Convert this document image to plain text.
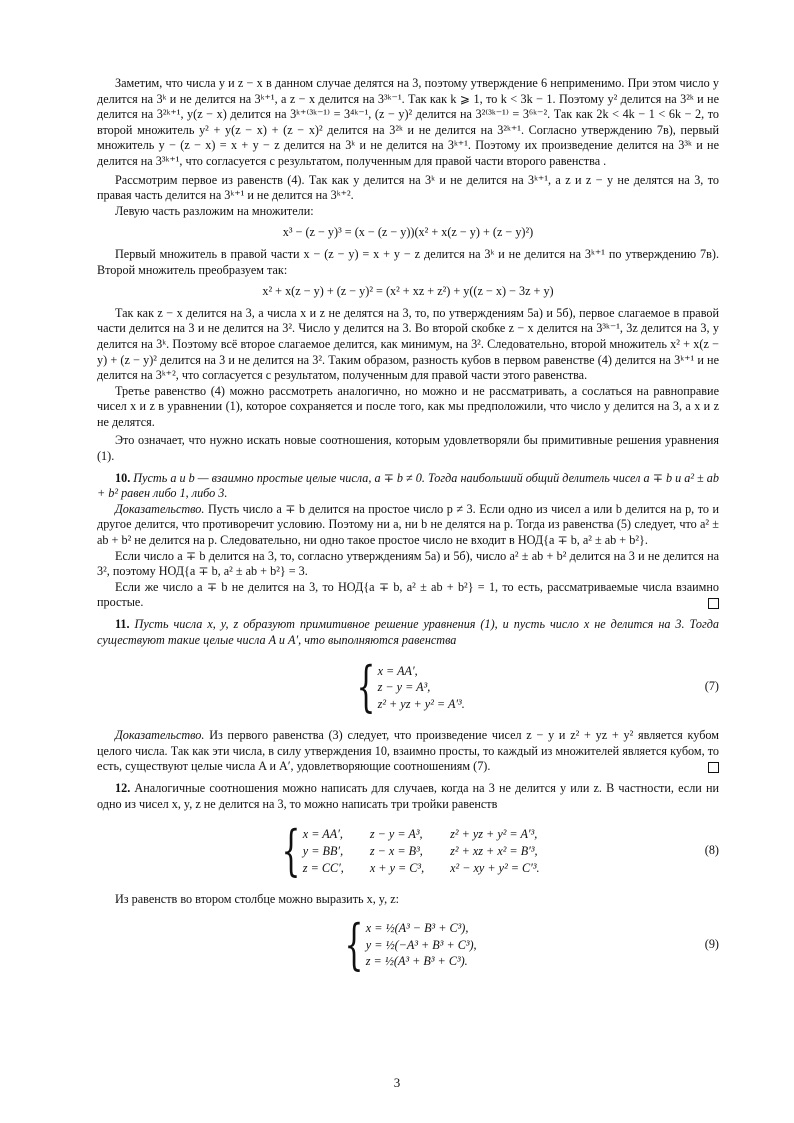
Заметим, что числа y и z − x в данном случае делятся на 3, поэтому утверждение 6 неприменимо. При этом число y делится на 3ᵏ и не делится на 3ᵏ⁺¹, а z − x делится на 3³ᵏ⁻¹. Так как k ⩾ 1, то k < 3k − 1. Поэтому y² делится на 3²ᵏ и не делится на 3²ᵏ⁺¹, y(z − x) делится на 3ᵏ⁺⁽³ᵏ⁻¹⁾ = 3⁴ᵏ⁻¹, (z − y)² делится на 3²⁽³ᵏ⁻¹⁾ = 3⁶ᵏ⁻². Так как 2k < 4k − 1 < 6k − 2, то второй множитель y² + y(z − x) + (z − x)² делится на 3²ᵏ и не делится на 3²ᵏ⁺¹. Согласно утверждению 7в), первый множитель y − (z − x) = x + y − z делится на 3ᵏ и не делится на 3ᵏ⁺¹. Поэтому их произведение делится на 3³ᵏ и не делится на 3³ᵏ⁺¹, что согласуется с результатом, полученным для правой части второго равенства .

Рассмотрим первое из равенств (4). Так как y делится на 3ᵏ и не делится на 3ᵏ⁺¹, а z и z − y не делятся на 3, то правая часть делится на 3ᵏ⁺¹ и не делится на 3ᵏ⁺².

Левую часть разложим на множители:

x³ − (z − y)³ = (x − (z − y))(x² + x(z − y) + (z − y)²)

Первый множитель в правой части x − (z − y) = x + y − z делится на 3ᵏ и не делится на 3ᵏ⁺¹ по утверждению 7в). Второй множитель преобразуем так:

x² + x(z − y) + (z − y)² = (x² + xz + z²) + y((z − x) − 3z + y)

Так как z − x делится на 3, а числа x и z не делятся на 3, то, по утверждениям 5а) и 5б), первое слагаемое в правой части делится на 3 и не делится на 3². Число y делится на 3. Во второй скобке z − x делится на 3³ᵏ⁻¹, 3z делится на 3, y делится на 3ᵏ. Поэтому всё второе слагаемое делится, как минимум, на 3². Следовательно, второй множитель x² + x(z − y) + (z − y)² делится на 3 и не делится на 3². Таким образом, разность кубов в первом равенстве (4) делится на 3ᵏ⁺¹ и не делится на 3ᵏ⁺², что согласуется с результатом, полученным для правой части этого равенства.

Третье равенство (4) можно рассмотреть аналогично, но можно и не рассматривать, а сослаться на равноправие чисел x и z в уравнении (1), которое сохраняется и после того, как мы предположили, что число y делится на 3, а x и z не делятся.

Это означает, что нужно искать новые соотношения, которым удовлетворяли бы примитивные решения уравнения (1).

10. Пусть a и b — взаимно простые целые числа, a ∓ b ≠ 0. Тогда наибольший общий делитель чисел a ∓ b и a² ± ab + b² равен либо 1, либо 3.

Доказательство. Пусть число a ∓ b делится на простое число p ≠ 3. Если одно из чисел a или b делится на p, то и другое делится, что противоречит условию. Поэтому ни a, ни b не делятся на p. Тогда из равенства (5) следует, что a² ± ab + b² не делится на p. Следовательно, ни одно такое простое число не входит в НОД{a ∓ b, a² ± ab + b²}.

Если число a ∓ b делится на 3, то, согласно утверждениям 5а) и 5б), число a² ± ab + b² делится на 3 и не делится на 3², поэтому НОД{a ∓ b, a² ± ab + b²} = 3.

Если же число a ∓ b не делится на 3, то НОД{a ∓ b, a² ± ab + b²} = 1, то есть, рассматриваемые числа взаимно простые.

11. Пусть числа x, y, z образуют примитивное решение уравнения (1), и пусть число x не делится на 3. Тогда существуют такие целые числа A и A′, что выполняются равенства

{ x = AA′,
z − y = A³,
z² + yz + y² = A′³.
(7)

Доказательство. Из первого равенства (3) следует, что произведение чисел z − y и z² + yz + y² является кубом целого числа. Так как эти числа, в силу утверждения 10, взаимно просты, то каждый из множителей является кубом, то есть, существуют целые числа A и A′, удовлетворяющие соотношениям (7).

12. Аналогичные соотношения можно написать для случаев, когда на 3 не делится y или z. В частности, если ни одно из чисел x, y, z не делится на 3, то можно написать три тройки равенств

{ x = AA′,	z − y = A³,	z² + yz + y² = A′³,
y = BB′,	z − x = B³,	z² + xz + x² = B′³,
z = CC′,	x + y = C³,	x² − xy + y² = C′³.
(8)

Из равенств во втором столбце можно выразить x, y, z:

{ x = ½(A³ − B³ + C³),
y = ½(−A³ + B³ + C³),
z = ½(A³ + B³ + C³).
(9)
3
